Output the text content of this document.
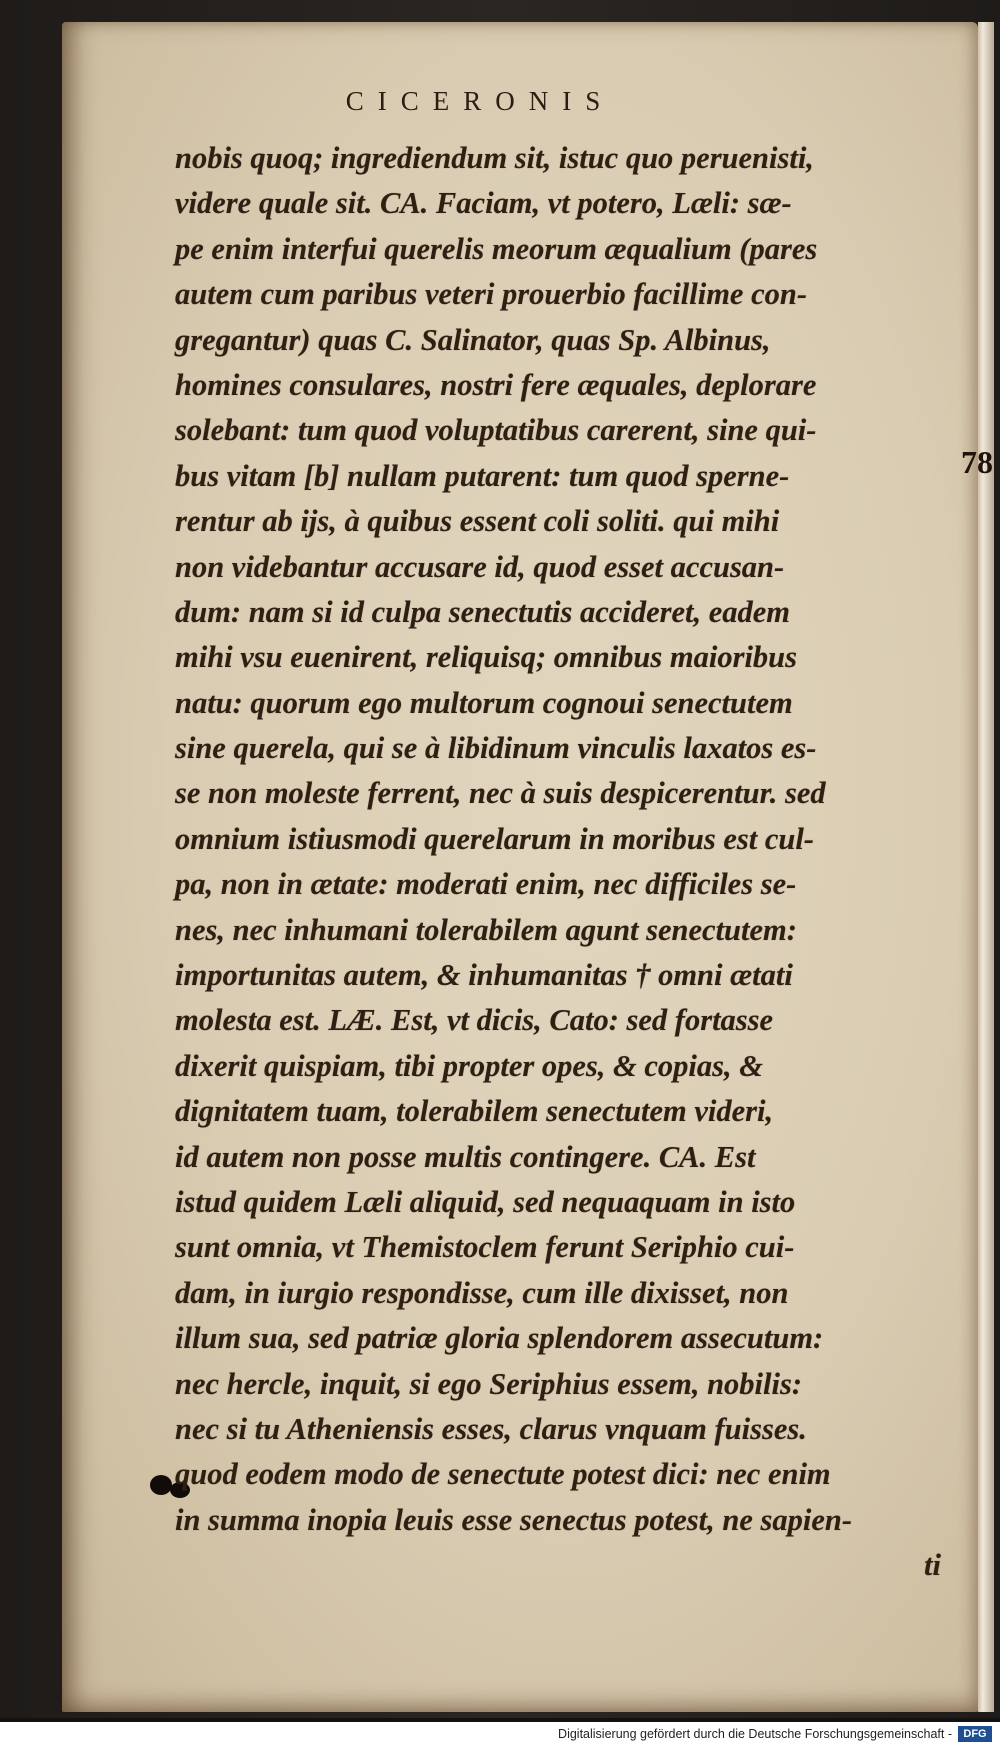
CICERONIS
nobis quoq; ingrediendum sit, istuc quo peruenisti,
videre quale sit. CA. Faciam, vt potero, Læli: sæ-
pe enim interfui querelis meorum æqualium (pares
autem cum paribus veteri prouerbio facillime con-
gregantur) quas C. Salinator, quas Sp. Albinus,
homines consulares, nostri fere æquales, deplorare
solebant: tum quod voluptatibus carerent, sine qui-
bus vitam [b] nullam putarent: tum quod sperne-
rentur ab ijs, à quibus essent coli soliti. qui mihi
non videbantur accusare id, quod esset accusan-
dum: nam si id culpa senectutis accideret, eadem
mihi vsu euenirent, reliquisq; omnibus maioribus
natu: quorum ego multorum cognoui senectutem
sine querela, qui se à libidinum vinculis laxatos es-
se non moleste ferrent, nec à suis despicerentur. sed
omnium istiusmodi querelarum in moribus est cul-
pa, non in ætate: moderati enim, nec difficiles se-
nes, nec inhumani tolerabilem agunt senectutem:
importunitas autem, & inhumanitas † omni ætati
molesta est. LÆ. Est, vt dicis, Cato: sed fortasse
dixerit quispiam, tibi propter opes, & copias, &
dignitatem tuam, tolerabilem senectutem videri,
id autem non posse multis contingere. CA. Est
istud quidem Læli aliquid, sed nequaquam in isto
sunt omnia, vt Themistoclem ferunt Seriphio cui-
dam, in iurgio respondisse, cum ille dixisset, non
illum sua, sed patriæ gloria splendorem assecutum:
nec hercle, inquit, si ego Seriphius essem, nobilis:
nec si tu Atheniensis esses, clarus vnquam fuisses.
quod eodem modo de senectute potest dici: nec enim
in summa inopia leuis esse senectus potest, ne sapien-
ti
78
Digitalisierung gefördert durch die Deutsche Forschungsgemeinschaft -	DFG
